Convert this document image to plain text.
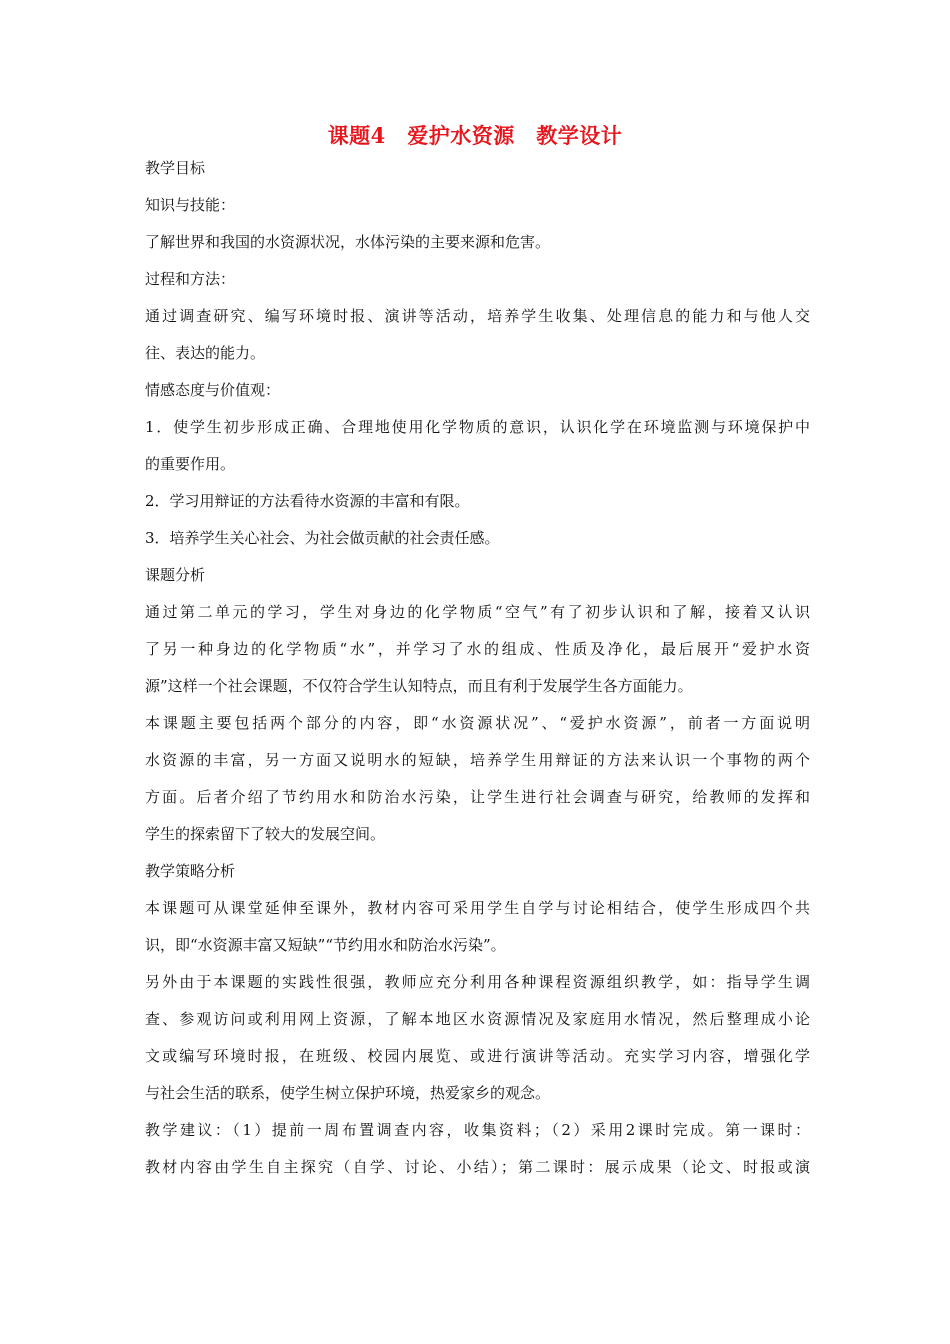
课题4　爱护水资源　教学设计
教学目标
知识与技能：
了解世界和我国的水资源状况，水体污染的主要来源和危害。
过程和方法：
通过调查研究、编写环境时报、演讲等活动，培养学生收集、处理信息的能力和与他人交
往、表达的能力。
情感态度与价值观：
1．使学生初步形成正确、合理地使用化学物质的意识，认识化学在环境监测与环境保护中
的重要作用。
2．学习用辩证的方法看待水资源的丰富和有限。
3．培养学生关心社会、为社会做贡献的社会责任感。
课题分析
通过第二单元的学习，学生对身边的化学物质“空气”有了初步认识和了解，接着又认识
了另一种身边的化学物质“水”，并学习了水的组成、性质及净化，最后展开“爱护水资
源”这样一个社会课题，不仅符合学生认知特点，而且有利于发展学生各方面能力。
本课题主要包括两个部分的内容，即“水资源状况”、“爱护水资源”，前者一方面说明
水资源的丰富，另一方面又说明水的短缺，培养学生用辩证的方法来认识一个事物的两个
方面。后者介绍了节约用水和防治水污染，让学生进行社会调查与研究，给教师的发挥和
学生的探索留下了较大的发展空间。
教学策略分析
本课题可从课堂延伸至课外，教材内容可采用学生自学与讨论相结合，使学生形成四个共
识，即“水资源丰富又短缺”“节约用水和防治水污染”。
另外由于本课题的实践性很强，教师应充分利用各种课程资源组织教学，如：指导学生调
查、参观访问或利用网上资源，了解本地区水资源情况及家庭用水情况，然后整理成小论
文或编写环境时报，在班级、校园内展览、或进行演讲等活动。充实学习内容，增强化学
与社会生活的联系，使学生树立保护环境，热爱家乡的观念。
教学建议：（1）提前一周布置调查内容，收集资料；（2）采用2课时完成。第一课时：
教材内容由学生自主探究（自学、讨论、小结）；第二课时：展示成果（论文、时报或演
